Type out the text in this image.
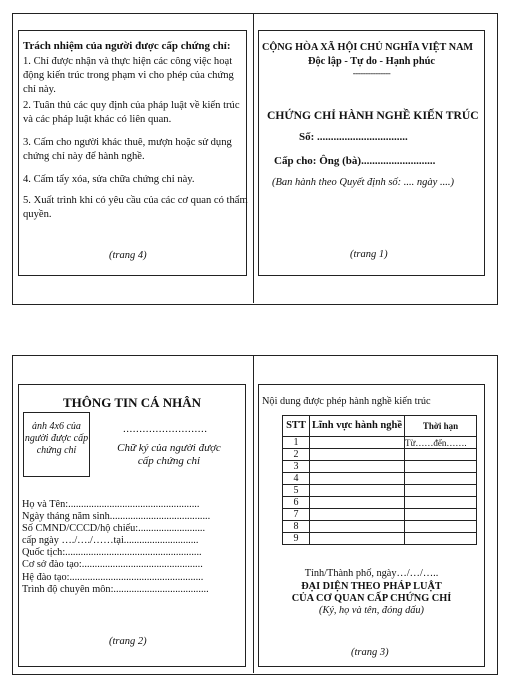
Trách nhiệm của người được cấp chứng chỉ:
1. Chỉ được nhận và thực hiện các công việc hoạt động kiến trúc trong phạm vi cho phép của chứng chỉ này.
2. Tuân thủ các quy định của pháp luật về kiến trúc và các pháp luật khác có liên quan.
3. Cấm cho người khác thuê, mượn hoặc sử dụng chứng chỉ này để hành nghề.
4. Cấm tẩy xóa, sửa chữa chứng chỉ này.
5. Xuất trình khi có yêu cầu của các cơ quan có thẩm quyền.
(trang 4)
CỘNG HÒA XÃ HỘI CHỦ NGHĨA VIỆT NAM
Độc lập - Tự do - Hạnh phúc
---------------
CHỨNG CHỈ HÀNH NGHỀ KIẾN TRÚC
Số: .................................
Cấp cho: Ông (bà)...........................
(Ban hành theo Quyết định số: .... ngày ....)
(trang 1)
THÔNG TIN CÁ NHÂN
ảnh 4x6 của người được cấp chứng chỉ
..........................
Chữ ký của người được cấp chứng chỉ
Họ và Tên:...................................................
Ngày tháng năm sinh.......................................
Số CMND/CCCD/hộ chiếu:..........................
cấp ngày …./…./……tại.............................
Quốc tịch:.....................................................
Cơ sở đào tạo:...............................................
Hệ đào tạo:....................................................
Trình độ chuyên môn:.....................................
(trang 2)
Nội dung được phép hành nghề kiến trúc
STT	Lĩnh vực hành nghề	Thời hạn
1		Từ……đến…….
2		
3		
4		
5		
6		
7		
8		
9		
Tỉnh/Thành phố, ngày…/…/…..
ĐẠI DIỆN THEO PHÁP LUẬT
CỦA CƠ QUAN CẤP CHỨNG CHỈ
(Ký, họ và tên, đóng dấu)
(trang 3)
